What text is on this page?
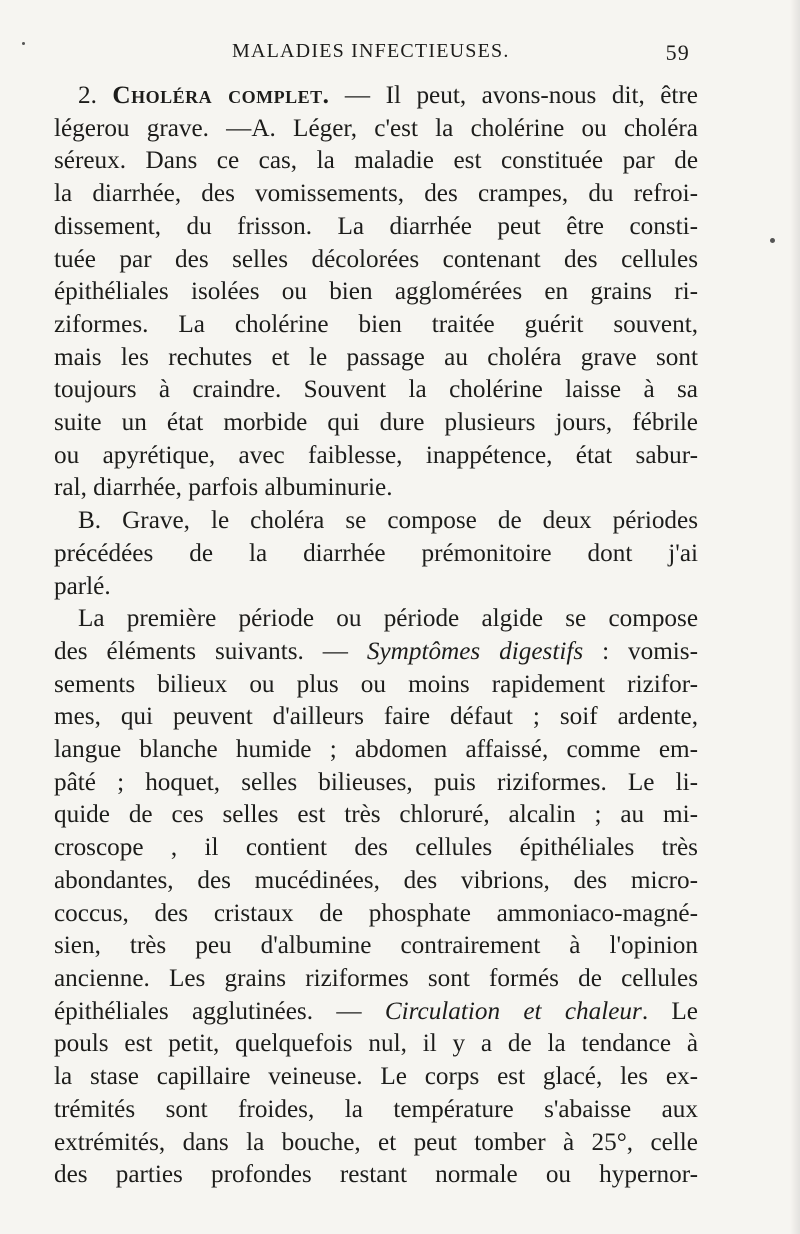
MALADIES INFECTIEUSES.	59
2. Choléra complet. — Il peut, avons-nous dit, être
légerou grave. —A. Léger, c'est la cholérine ou choléra
séreux. Dans ce cas, la maladie est constituée par de
la diarrhée, des vomissements, des crampes, du refroi-
dissement, du frisson. La diarrhée peut être consti-
tuée par des selles décolorées contenant des cellules
épithéliales isolées ou bien agglomérées en grains ri-
ziformes. La cholérine bien traitée guérit souvent,
mais les rechutes et le passage au choléra grave sont
toujours à craindre. Souvent la cholérine laisse à sa
suite un état morbide qui dure plusieurs jours, fébrile
ou apyrétique, avec faiblesse, inappétence, état sabur-
ral, diarrhée, parfois albuminurie.
B. Grave, le choléra se compose de deux périodes
précédées de la diarrhée prémonitoire dont j'ai
parlé.
La première période ou période algide se compose
des éléments suivants. — Symptômes digestifs : vomis-
sements bilieux ou plus ou moins rapidement rizifor-
mes, qui peuvent d'ailleurs faire défaut ; soif ardente,
langue blanche humide ; abdomen affaissé, comme em-
pâté ; hoquet, selles bilieuses, puis riziformes. Le li-
quide de ces selles est très chloruré, alcalin ; au mi-
croscope , il contient des cellules épithéliales très
abondantes, des mucédinées, des vibrions, des micro-
coccus, des cristaux de phosphate ammoniaco-magné-
sien, très peu d'albumine contrairement à l'opinion
ancienne. Les grains riziformes sont formés de cellules
épithéliales agglutinées. — Circulation et chaleur. Le
pouls est petit, quelquefois nul, il y a de la tendance à
la stase capillaire veineuse. Le corps est glacé, les ex-
trémités sont froides, la température s'abaisse aux
extrémités, dans la bouche, et peut tomber à 25°, celle
des parties profondes restant normale ou hypernor-
